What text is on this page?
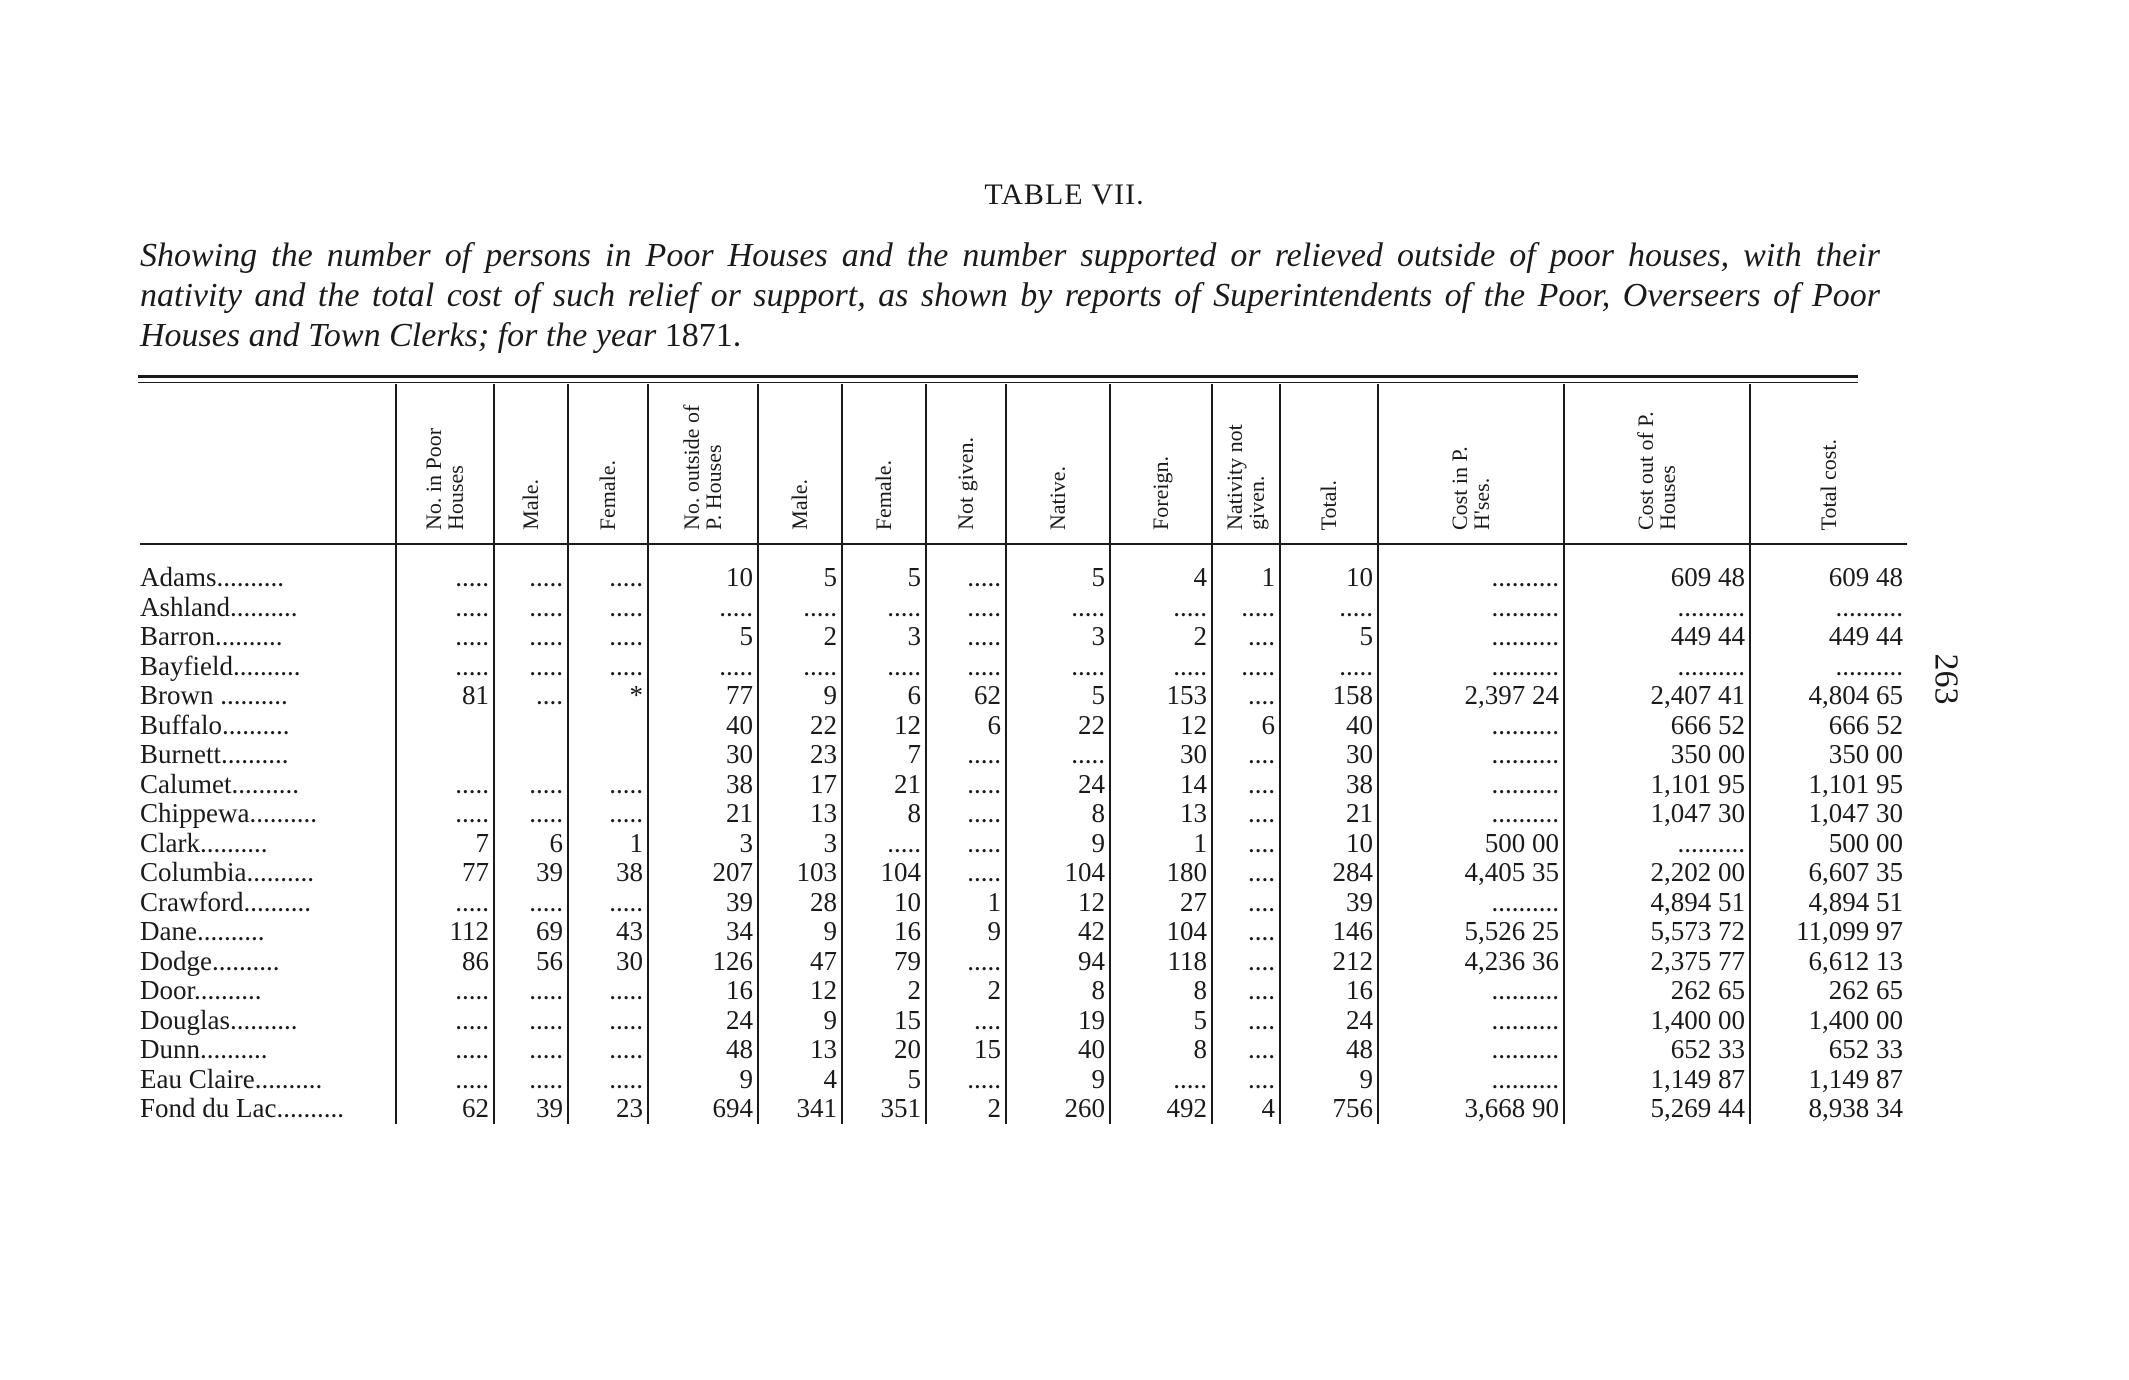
TABLE VII.
Showing the number of persons in Poor Houses and the number supported or relieved outside of poor houses, with their nativity and the total cost of such relief or support, as shown by reports of Superintendents of the Poor, Overseers of Poor Houses and Town Clerks; for the year 1871.
263
	No. in Poor Houses	Male.	Female.	No. outside of P. Houses	Male.	Female.	Not given.	Native.	Foreign.	Nativity not given.	Total.	Cost in P. H'ses.	Cost out of P. Houses	Total cost.
Adams..........	.....	.....	.....	10	5	5	.....	5	4	1	10	..........	609 48	609 48
Ashland..........	.....	.....	.....	.....	.....	.....	.....	.....	.....	.....	.....	..........	..........	..........
Barron..........	.....	.....	.....	5	2	3	.....	3	2	....	5	..........	449 44	449 44
Bayfield..........	.....	.....	.....	.....	.....	.....	.....	.....	.....	.....	.....	..........	..........	..........
Brown ..........	81	....	*	77	9	6	62	5	153	....	158	2,397 24	2,407 41	4,804 65
Buffalo..........				40	22	12	6	22	12	6	40	..........	666 52	666 52
Burnett..........				30	23	7	.....	.....	30	....	30	..........	350 00	350 00
Calumet..........	.....	.....	.....	38	17	21	.....	24	14	....	38	..........	1,101 95	1,101 95
Chippewa..........	.....	.....	.....	21	13	8	.....	8	13	....	21	..........	1,047 30	1,047 30
Clark..........	7	6	1	3	3	.....	.....	9	1	....	10	500 00	..........	500 00
Columbia..........	77	39	38	207	103	104	.....	104	180	....	284	4,405 35	2,202 00	6,607 35
Crawford..........	.....	.....	.....	39	28	10	1	12	27	....	39	..........	4,894 51	4,894 51
Dane..........	112	69	43	34	9	16	9	42	104	....	146	5,526 25	5,573 72	11,099 97
Dodge..........	86	56	30	126	47	79	.....	94	118	....	212	4,236 36	2,375 77	6,612 13
Door..........	.....	.....	.....	16	12	2	2	8	8	....	16	..........	262 65	262 65
Douglas..........	.....	.....	.....	24	9	15	....	19	5	....	24	..........	1,400 00	1,400 00
Dunn..........	.....	.....	.....	48	13	20	15	40	8	....	48	..........	652 33	652 33
Eau Claire..........	.....	.....	.....	9	4	5	.....	9	.....	....	9	..........	1,149 87	1,149 87
Fond du Lac..........	62	39	23	694	341	351	2	260	492	4	756	3,668 90	5,269 44	8,938 34
